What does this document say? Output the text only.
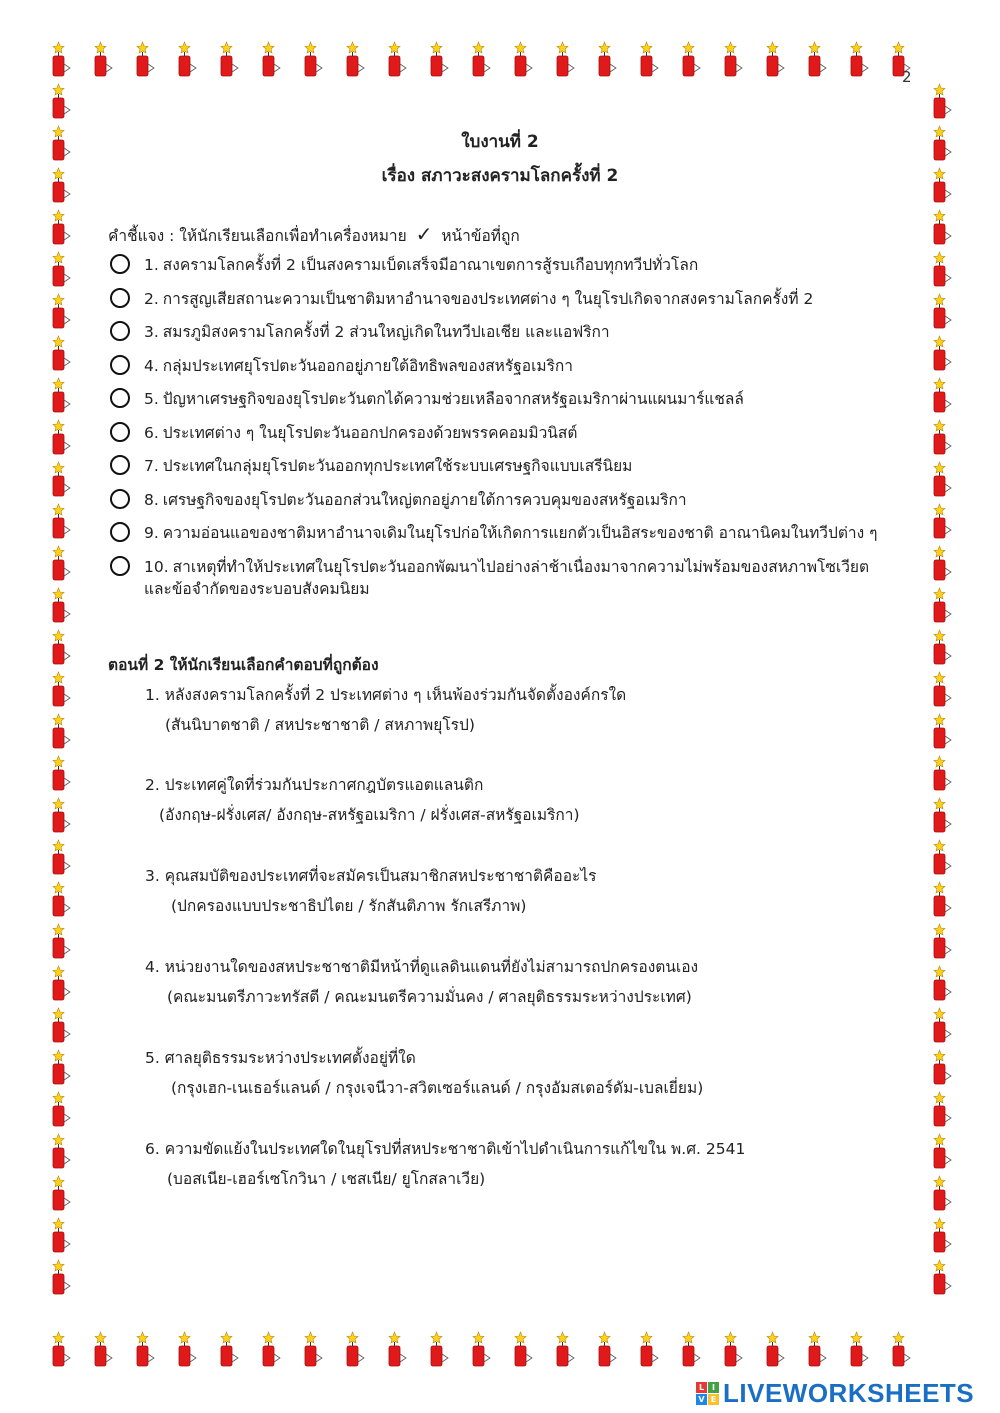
2
ใบงานที่ 2
เรื่อง สภาวะสงครามโลกครั้งที่ 2
คำชี้แจง : ให้นักเรียนเลือกเพื่อทำเครื่องหมาย ✓ หน้าข้อที่ถูก
1. สงครามโลกครั้งที่ 2 เป็นสงครามเบ็ดเสร็จมีอาณาเขตการสู้รบเกือบทุกทวีปทั่วโลก
2. การสูญเสียสถานะความเป็นชาติมหาอำนาจของประเทศต่าง ๆ ในยุโรปเกิดจากสงครามโลกครั้งที่ 2
3. สมรภูมิสงครามโลกครั้งที่ 2 ส่วนใหญ่เกิดในทวีปเอเชีย และแอฟริกา
4. กลุ่มประเทศยุโรปตะวันออกอยู่ภายใต้อิทธิพลของสหรัฐอเมริกา
5. ปัญหาเศรษฐกิจของยุโรปตะวันตกได้ความช่วยเหลือจากสหรัฐอเมริกาผ่านแผนมาร์แชลล์
6. ประเทศต่าง ๆ ในยุโรปตะวันออกปกครองด้วยพรรคคอมมิวนิสต์
7. ประเทศในกลุ่มยุโรปตะวันออกทุกประเทศใช้ระบบเศรษฐกิจแบบเสรีนิยม
8. เศรษฐกิจของยุโรปตะวันออกส่วนใหญ่ตกอยู่ภายใต้การควบคุมของสหรัฐอเมริกา
9. ความอ่อนแอของชาติมหาอำนาจเดิมในยุโรปก่อให้เกิดการแยกตัวเป็นอิสระของชาติ อาณานิคมในทวีปต่าง ๆ
10. สาเหตุที่ทำให้ประเทศในยุโรปตะวันออกพัฒนาไปอย่างล่าช้าเนื่องมาจากความไม่พร้อมของสหภาพโซเวียต
และข้อจำกัดของระบอบสังคมนิยม
ตอนที่ 2 ให้นักเรียนเลือกคำตอบที่ถูกต้อง
1. หลังสงครามโลกครั้งที่ 2 ประเทศต่าง ๆ เห็นพ้องร่วมกันจัดตั้งองค์กรใด
(สันนิบาตชาติ / สหประชาชาติ / สหภาพยุโรป)
2. ประเทศคู่ใดที่ร่วมกันประกาศกฎบัตรแอตแลนติก
(อังกฤษ-ฝรั่งเศส/ อังกฤษ-สหรัฐอเมริกา / ฝรั่งเศส-สหรัฐอเมริกา)
3. คุณสมบัติของประเทศที่จะสมัครเป็นสมาชิกสหประชาชาติคืออะไร
(ปกครองแบบประชาธิปไตย / รักสันติภาพ รักเสรีภาพ)
4. หน่วยงานใดของสหประชาชาติมีหน้าที่ดูแลดินแดนที่ยังไม่สามารถปกครองตนเอง
(คณะมนตรีภาวะทรัสตี / คณะมนตรีความมั่นคง / ศาลยุติธรรมระหว่างประเทศ)
5. ศาลยุติธรรมระหว่างประเทศตั้งอยู่ที่ใด
(กรุงเฮก-เนเธอร์แลนด์ / กรุงเจนีวา-สวิตเซอร์แลนด์ / กรุงอัมสเตอร์ดัม-เบลเยี่ยม)
6. ความขัดแย้งในประเทศใดในยุโรปที่สหประชาชาติเข้าไปดำเนินการแก้ไขใน พ.ศ. 2541
(บอสเนีย-เฮอร์เซโกวินา / เชสเนีย/ ยูโกสลาเวีย)
L I
V E LIVEWORKSHEETS
